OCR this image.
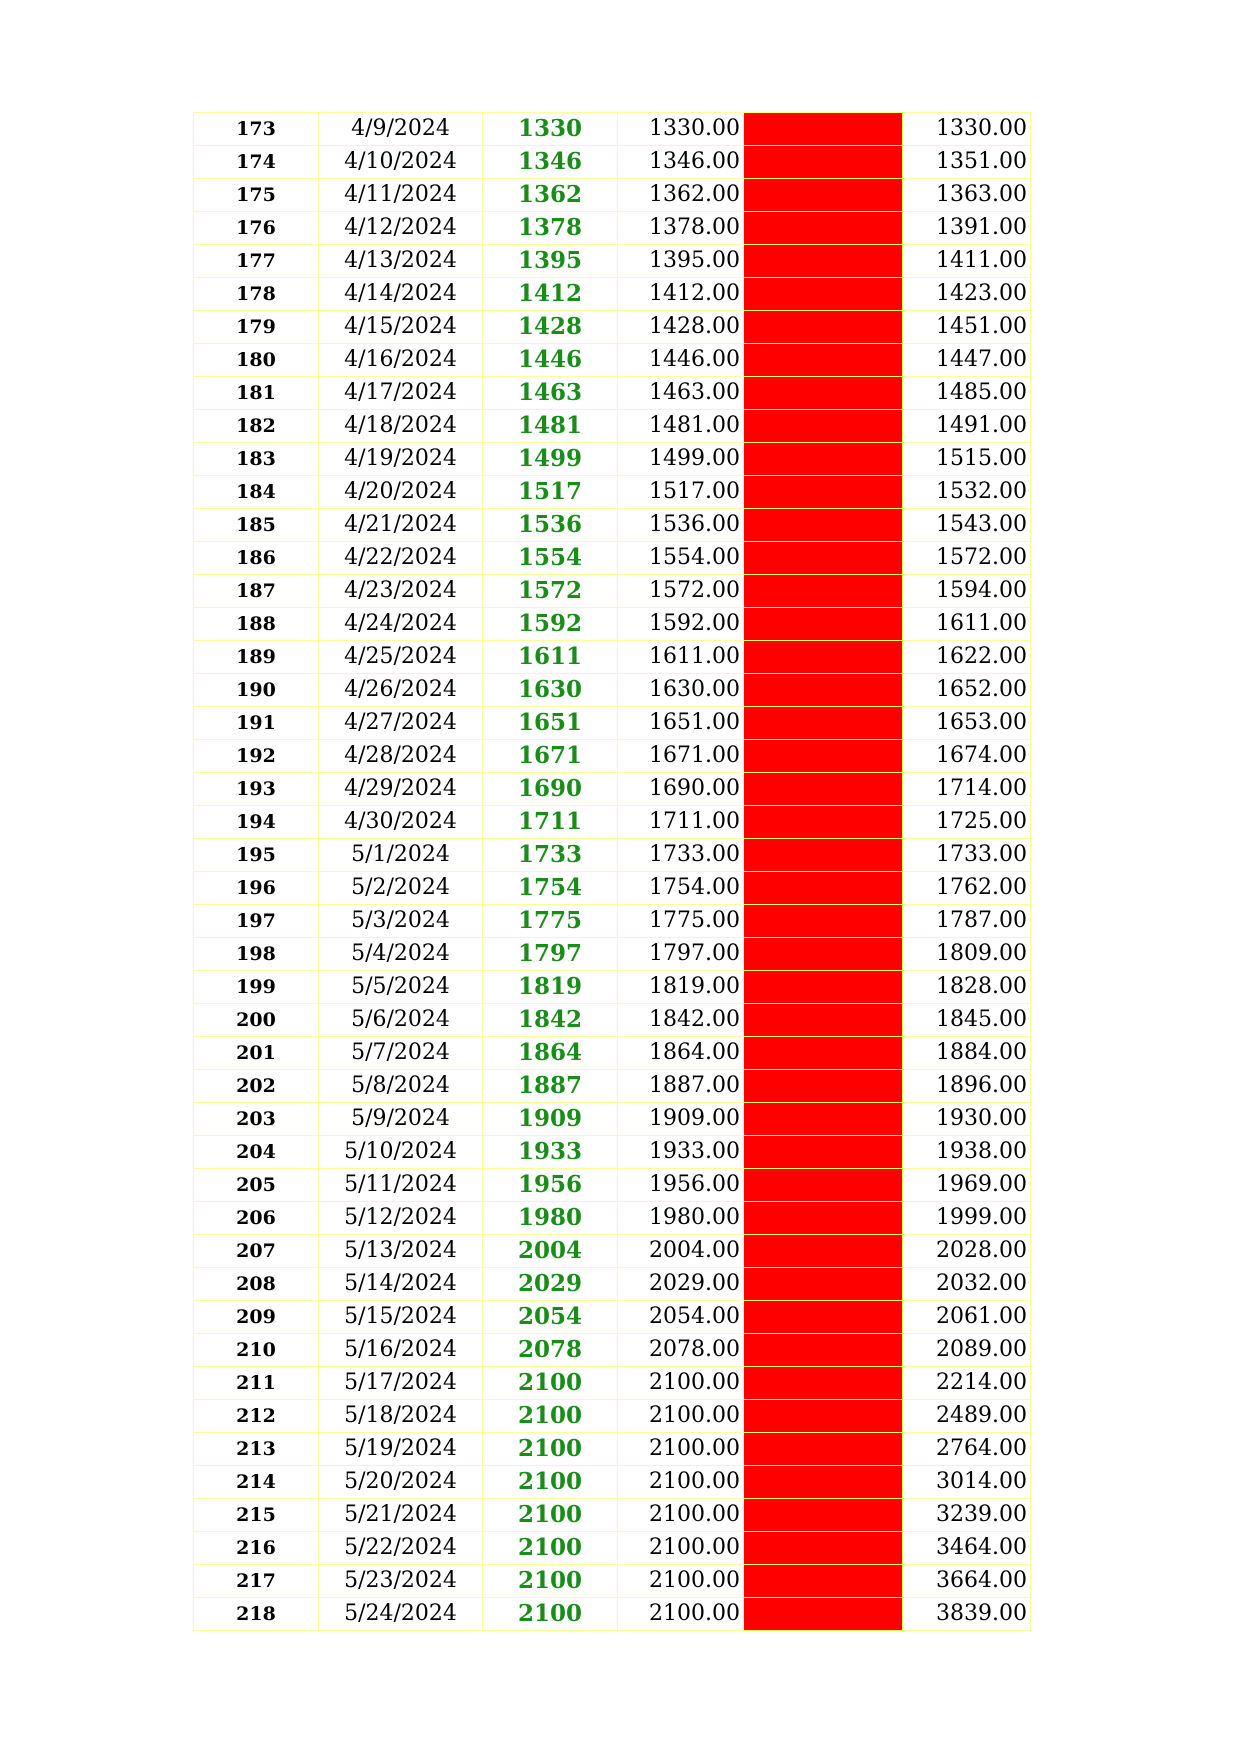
173	4/9/2024	1330	1330.00		1330.00
174	4/10/2024	1346	1346.00		1351.00
175	4/11/2024	1362	1362.00		1363.00
176	4/12/2024	1378	1378.00		1391.00
177	4/13/2024	1395	1395.00		1411.00
178	4/14/2024	1412	1412.00		1423.00
179	4/15/2024	1428	1428.00		1451.00
180	4/16/2024	1446	1446.00		1447.00
181	4/17/2024	1463	1463.00		1485.00
182	4/18/2024	1481	1481.00		1491.00
183	4/19/2024	1499	1499.00		1515.00
184	4/20/2024	1517	1517.00		1532.00
185	4/21/2024	1536	1536.00		1543.00
186	4/22/2024	1554	1554.00		1572.00
187	4/23/2024	1572	1572.00		1594.00
188	4/24/2024	1592	1592.00		1611.00
189	4/25/2024	1611	1611.00		1622.00
190	4/26/2024	1630	1630.00		1652.00
191	4/27/2024	1651	1651.00		1653.00
192	4/28/2024	1671	1671.00		1674.00
193	4/29/2024	1690	1690.00		1714.00
194	4/30/2024	1711	1711.00		1725.00
195	5/1/2024	1733	1733.00		1733.00
196	5/2/2024	1754	1754.00		1762.00
197	5/3/2024	1775	1775.00		1787.00
198	5/4/2024	1797	1797.00		1809.00
199	5/5/2024	1819	1819.00		1828.00
200	5/6/2024	1842	1842.00		1845.00
201	5/7/2024	1864	1864.00		1884.00
202	5/8/2024	1887	1887.00		1896.00
203	5/9/2024	1909	1909.00		1930.00
204	5/10/2024	1933	1933.00		1938.00
205	5/11/2024	1956	1956.00		1969.00
206	5/12/2024	1980	1980.00		1999.00
207	5/13/2024	2004	2004.00		2028.00
208	5/14/2024	2029	2029.00		2032.00
209	5/15/2024	2054	2054.00		2061.00
210	5/16/2024	2078	2078.00		2089.00
211	5/17/2024	2100	2100.00		2214.00
212	5/18/2024	2100	2100.00		2489.00
213	5/19/2024	2100	2100.00		2764.00
214	5/20/2024	2100	2100.00		3014.00
215	5/21/2024	2100	2100.00		3239.00
216	5/22/2024	2100	2100.00		3464.00
217	5/23/2024	2100	2100.00		3664.00
218	5/24/2024	2100	2100.00		3839.00
